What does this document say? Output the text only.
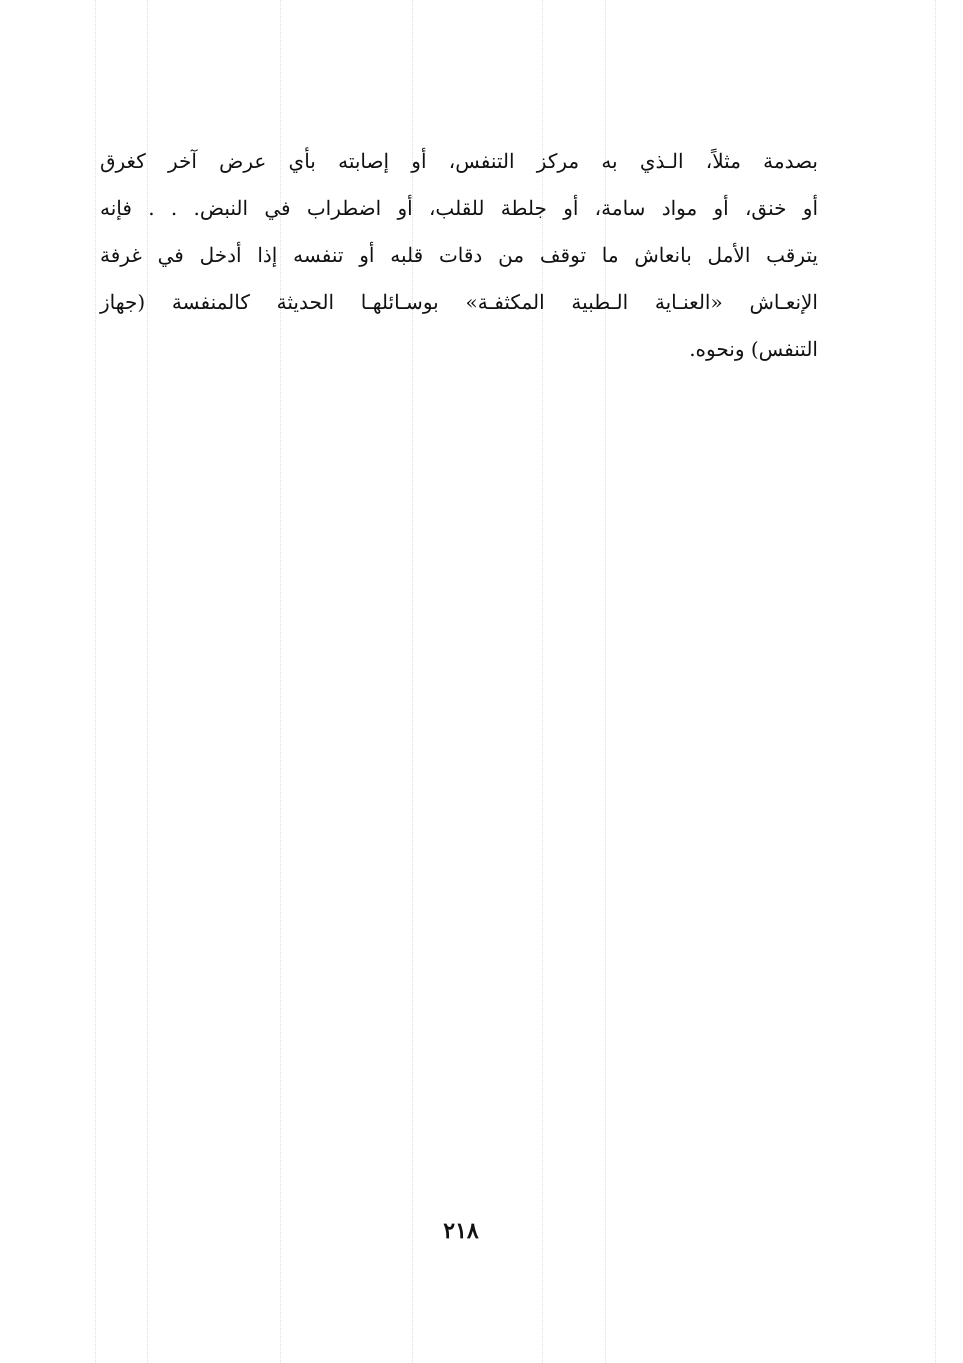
بصدمة مثلاً، الـذي به مركز التنفس، أو إصابته بأي عرض آخر كغرق
أو خنق، أو مواد سامة، أو جلطة للقلب، أو اضطراب في النبض. . . فإنه
يترقب الأمل بانعاش ما توقف من دقات قلبه أو تنفسه إذا أدخل في غرفة
الإنعـاش «العنـاية الـطبية المكثفـة» بوسـائلهـا الحديثة كالمنفسة (جهاز
التنفس) ونحوه.
٢١٨
